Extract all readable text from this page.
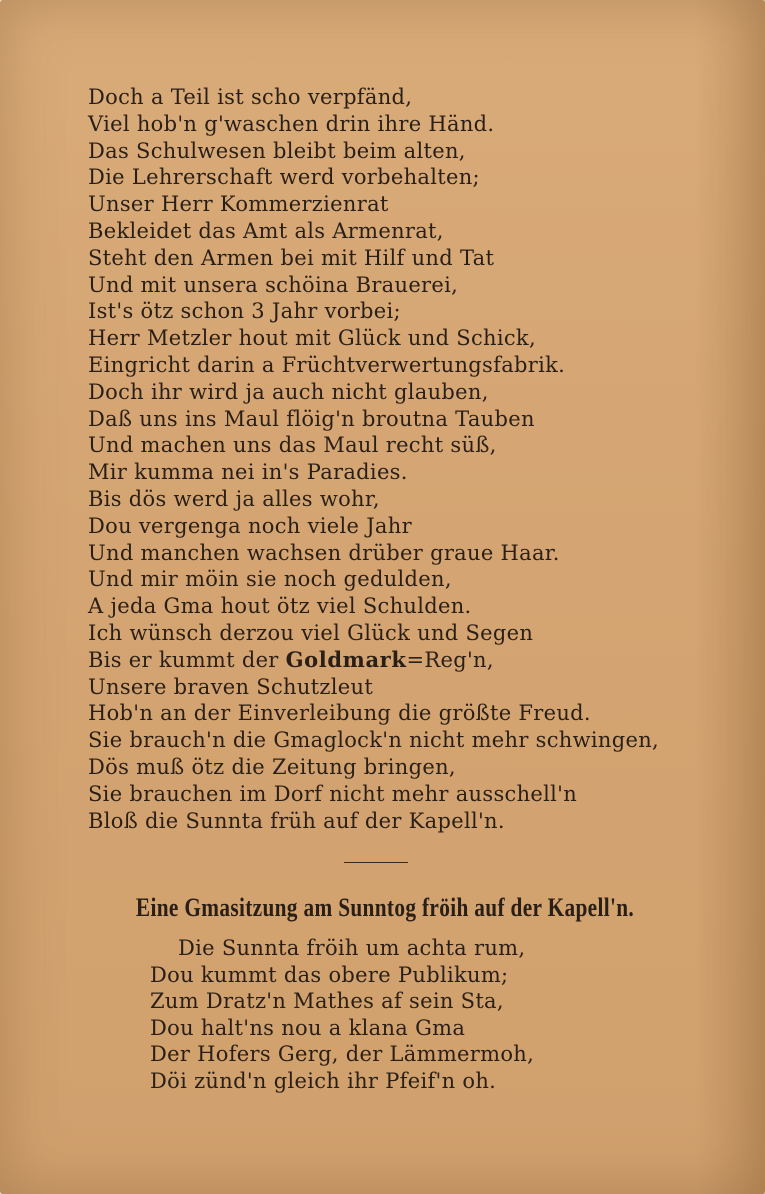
Doch a Teil ist scho verpfänd,
Viel hob'n g'waschen drin ihre Händ.
Das Schulwesen bleibt beim alten,
Die Lehrerschaft werd vorbehalten;
Unser Herr Kommerzienrat
Bekleidet das Amt als Armenrat,
Steht den Armen bei mit Hilf und Tat
Und mit unsera schöina Brauerei,
Ist's ötz schon 3 Jahr vorbei;
Herr Metzler hout mit Glück und Schick,
Eingricht darin a Früchtverwertungsfabrik.
Doch ihr wird ja auch nicht glauben,
Daß uns ins Maul flöig'n broutna Tauben
Und machen uns das Maul recht süß,
Mir kumma nei in's Paradies.
Bis dös werd ja alles wohr,
Dou vergenga noch viele Jahr
Und manchen wachsen drüber graue Haar.
Und mir möin sie noch gedulden,
A jeda Gma hout ötz viel Schulden.
Ich wünsch derzou viel Glück und Segen
Bis er kummt der Goldmark=Reg'n,
Unsere braven Schutzleut
Hob'n an der Einverleibung die größte Freud.
Sie brauch'n die Gmaglock'n nicht mehr schwingen,
Dös muß ötz die Zeitung bringen,
Sie brauchen im Dorf nicht mehr ausschell'n
Bloß die Sunnta früh auf der Kapell'n.
Eine Gmasitzung am Sunntog fröih auf der Kapell'n.
Die Sunnta fröih um achta rum,
Dou kummt das obere Publikum;
Zum Dratz'n Mathes af sein Sta,
Dou halt'ns nou a klana Gma
Der Hofers Gerg, der Lämmermoh,
Döi zünd'n gleich ihr Pfeif'n oh.
